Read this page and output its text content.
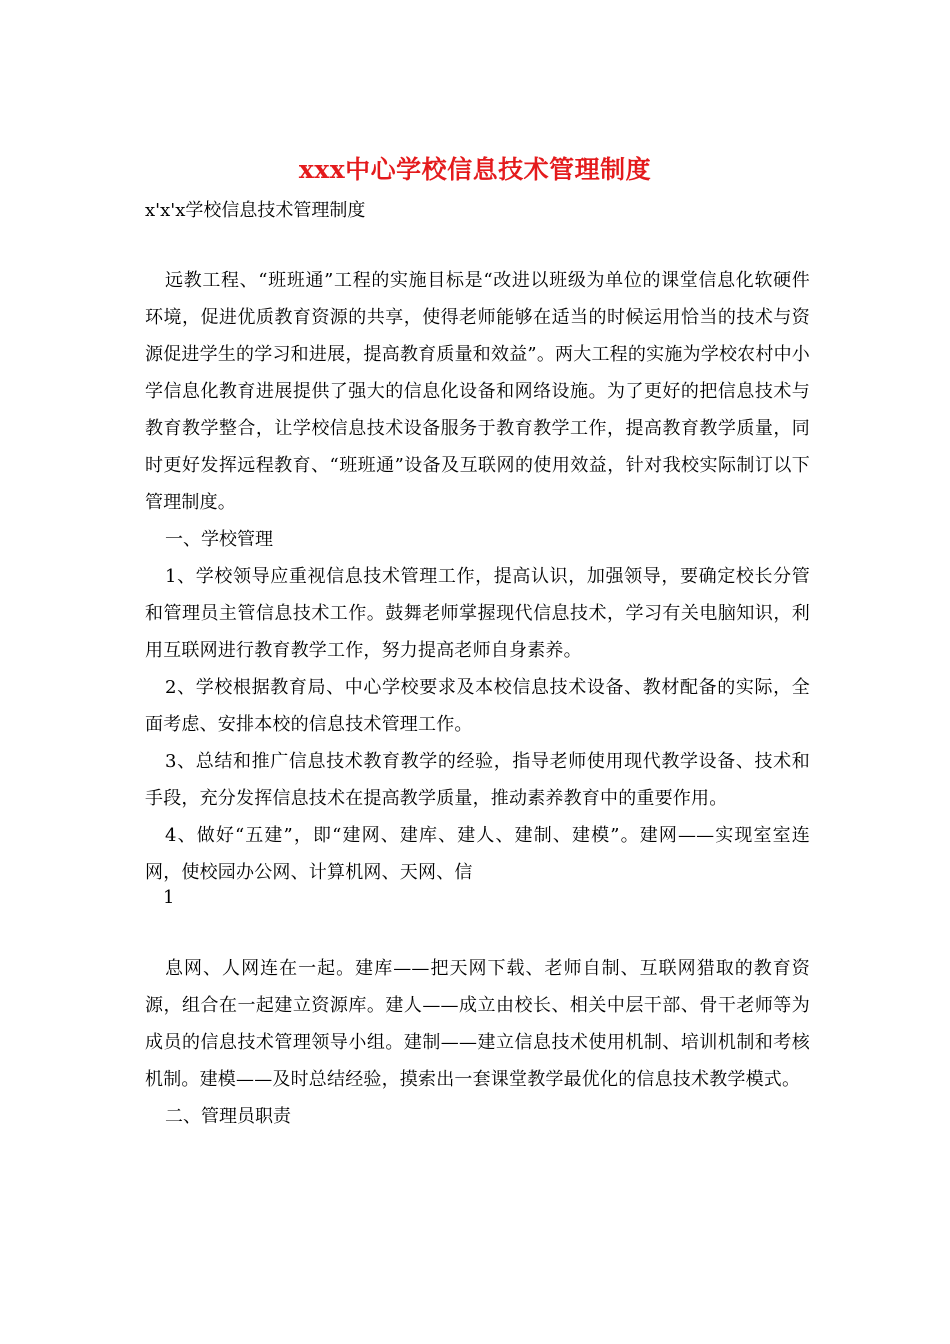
xxx中心学校信息技术管理制度
x'x'x学校信息技术管理制度

远教工程、“班班通”工程的实施目标是“改进以班级为单位的课堂信息化软硬件环境，促进优质教育资源的共享，使得老师能够在适当的时候运用恰当的技术与资源促进学生的学习和进展，提高教育质量和效益”。两大工程的实施为学校农村中小学信息化教育进展提供了强大的信息化设备和网络设施。为了更好的把信息技术与教育教学整合，让学校信息技术设备服务于教育教学工作，提高教育教学质量，同时更好发挥远程教育、“班班通”设备及互联网的使用效益，针对我校实际制订以下管理制度。

一、学校管理

1、学校领导应重视信息技术管理工作，提高认识，加强领导，要确定校长分管和管理员主管信息技术工作。鼓舞老师掌握现代信息技术，学习有关电脑知识，利用互联网进行教育教学工作，努力提高老师自身素养。

2、学校根据教育局、中心学校要求及本校信息技术设备、教材配备的实际，全面考虑、安排本校的信息技术管理工作。

3、总结和推广信息技术教育教学的经验，指导老师使用现代教学设备、技术和手段，充分发挥信息技术在提高教学质量，推动素养教育中的重要作用。

4、做好“五建”，即“建网、建库、建人、建制、建模”。建网——实现室室连网，使校园办公网、计算机网、天网、信

1

息网、人网连在一起。建库——把天网下载、老师自制、互联网猎取的教育资源，组合在一起建立资源库。建人——成立由校长、相关中层干部、骨干老师等为成员的信息技术管理领导小组。建制——建立信息技术使用机制、培训机制和考核机制。建模——及时总结经验，摸索出一套课堂教学最优化的信息技术教学模式。

二、管理员职责
